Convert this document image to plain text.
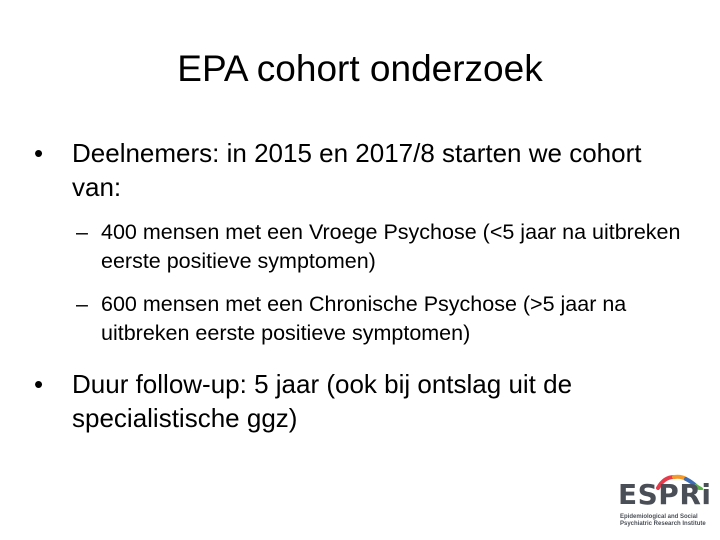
EPA cohort onderzoek
•	Deelnemers: in 2015 en 2017/8 starten we cohort van:
– 400 mensen met een Vroege Psychose (<5 jaar na uitbreken eerste positieve symptomen)
– 600 mensen met een Chronische Psychose (>5 jaar na uitbreken eerste positieve symptomen)
•	Duur follow-up: 5 jaar (ook bij ontslag uit de specialistische ggz)
ESPRi
Epidemiological and Social
Psychiatric Research Institute
